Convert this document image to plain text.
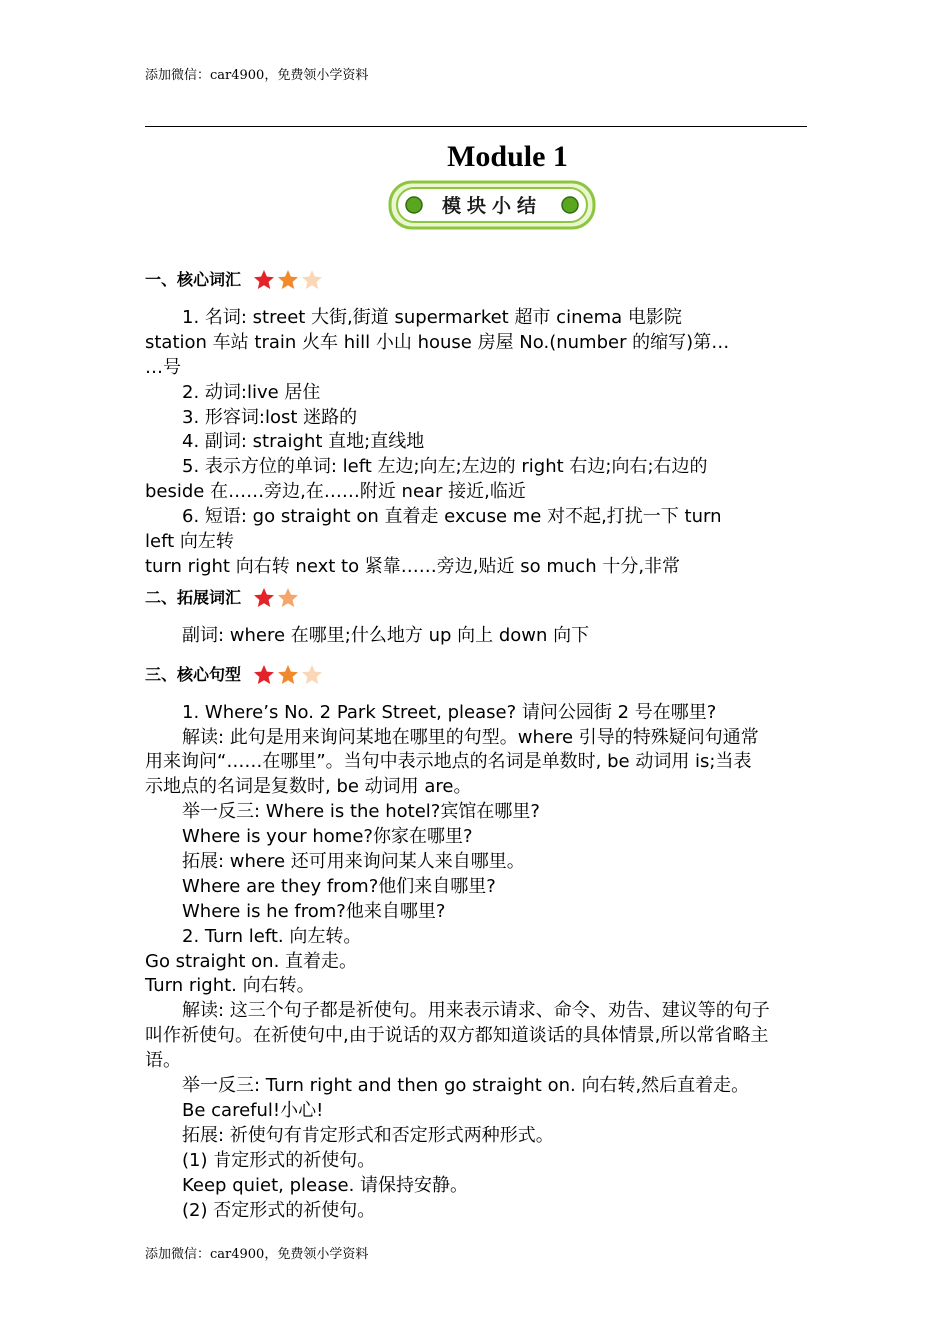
添加微信：car4900，免费领小学资料
Module 1
模块小结
一、核心词汇
1. 名词: street 大街,街道 supermarket 超市 cinema 电影院
station 车站 train 火车 hill 小山 house 房屋 No.(number 的缩写)第…
…号
2. 动词:live 居住
3. 形容词:lost 迷路的
4. 副词: straight 直地;直线地
5. 表示方位的单词: left 左边;向左;左边的 right 右边;向右;右边的
beside 在……旁边,在……附近 near 接近,临近
6. 短语: go straight on 直着走 excuse me 对不起,打扰一下 turn
left 向左转
turn right 向右转 next to 紧靠……旁边,贴近 so much 十分,非常
二、拓展词汇
副词: where 在哪里;什么地方 up 向上 down 向下
三、核心句型
1. Where’s No. 2 Park Street, please? 请问公园街 2 号在哪里?
解读: 此句是用来询问某地在哪里的句型。where 引导的特殊疑问句通常
用来询问“……在哪里”。当句中表示地点的名词是单数时, be 动词用 is;当表
示地点的名词是复数时, be 动词用 are。
举一反三: Where is the hotel?宾馆在哪里?
Where is your home?你家在哪里?
拓展: where 还可用来询问某人来自哪里。
Where are they from?他们来自哪里?
Where is he from?他来自哪里?
2. Turn left. 向左转。
Go straight on. 直着走。
Turn right. 向右转。
解读: 这三个句子都是祈使句。用来表示请求、命令、劝告、建议等的句子
叫作祈使句。在祈使句中,由于说话的双方都知道谈话的具体情景,所以常省略主
语。
举一反三: Turn right and then go straight on. 向右转,然后直着走。
Be careful!小心!
拓展: 祈使句有肯定形式和否定形式两种形式。
(1) 肯定形式的祈使句。
Keep quiet, please. 请保持安静。
(2) 否定形式的祈使句。
添加微信：car4900，免费领小学资料
